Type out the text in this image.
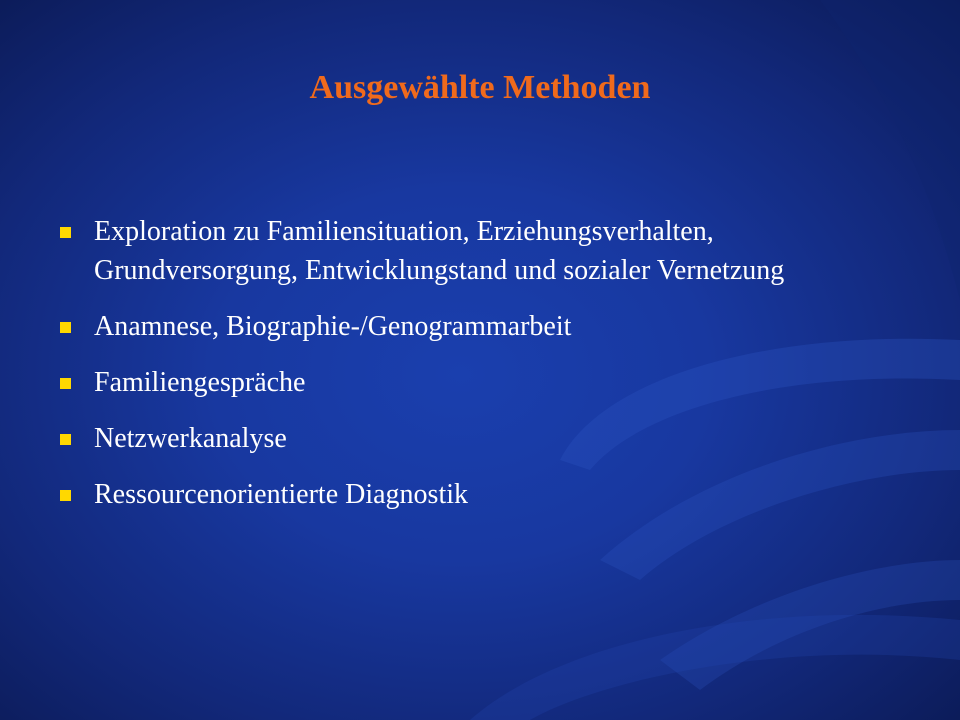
Ausgewählte Methoden
Exploration zu Familiensituation, Erziehungsverhalten, Grundversorgung, Entwicklungstand und sozialer Vernetzung
Anamnese, Biographie-/Genogrammarbeit
Familiengespräche
Netzwerkanalyse
Ressourcenorientierte Diagnostik
